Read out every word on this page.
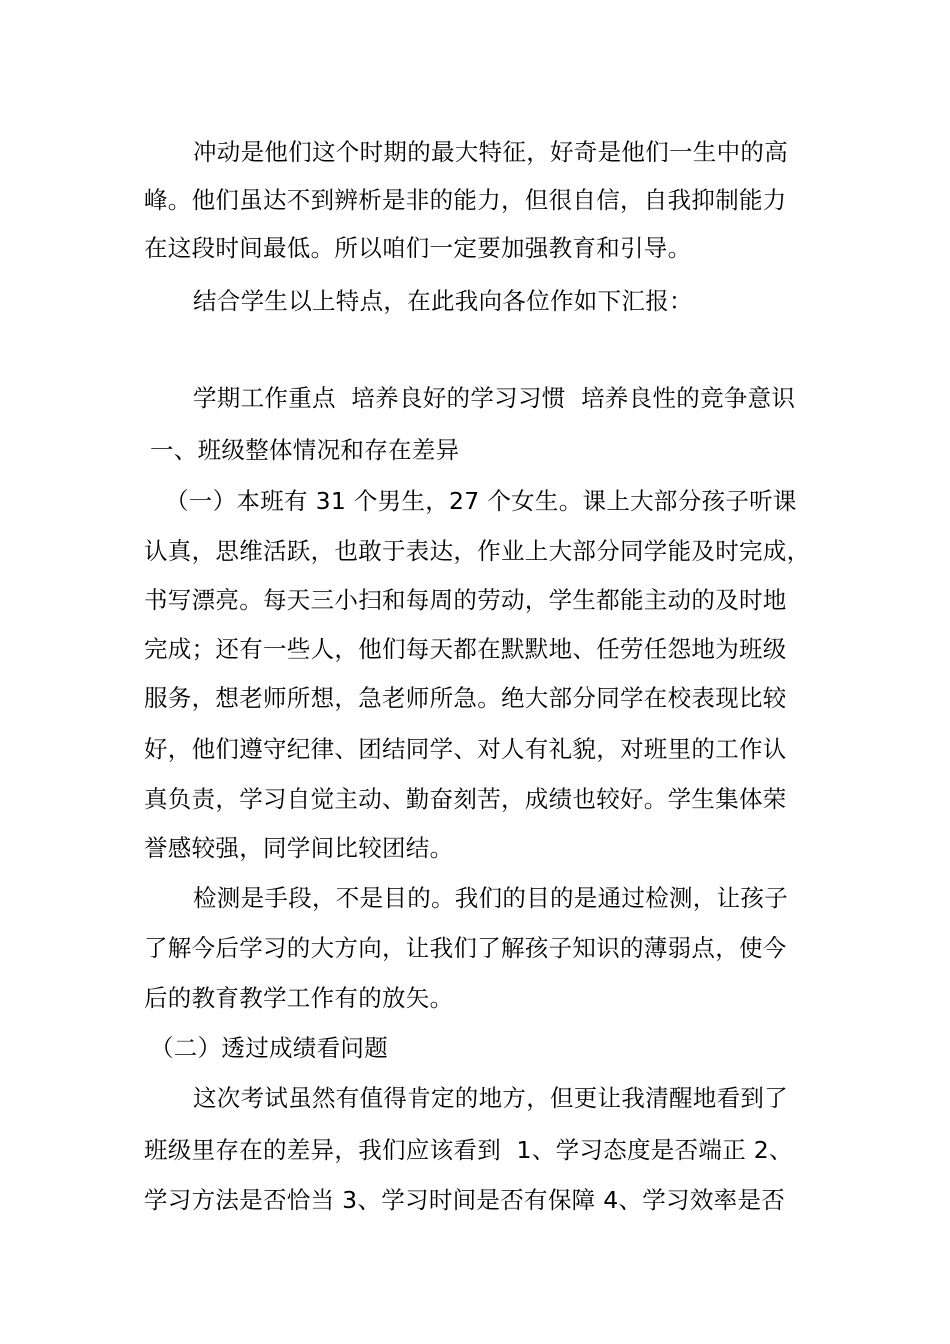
冲动是他们这个时期的最大特征，好奇是他们一生中的高
峰。他们虽达不到辨析是非的能力，但很自信，自我抑制能力
在这段时间最低。所以咱们一定要加强教育和引导。
结合学生以上特点，在此我向各位作如下汇报：
学期工作重点  培养良好的学习习惯  培养良性的竞争意识
一、班级整体情况和存在差异
（一）本班有 31 个男生，27 个女生。课上大部分孩子听课
认真，思维活跃，也敢于表达，作业上大部分同学能及时完成，
书写漂亮。每天三小扫和每周的劳动，学生都能主动的及时地
完成；还有一些人，他们每天都在默默地、任劳任怨地为班级
服务，想老师所想，急老师所急。绝大部分同学在校表现比较
好，他们遵守纪律、团结同学、对人有礼貌，对班里的工作认
真负责，学习自觉主动、勤奋刻苦，成绩也较好。学生集体荣
誉感较强，同学间比较团结。
检测是手段，不是目的。我们的目的是通过检测，让孩子
了解今后学习的大方向，让我们了解孩子知识的薄弱点，使今
后的教育教学工作有的放矢。
（二）透过成绩看问题
这次考试虽然有值得肯定的地方，但更让我清醒地看到了
班级里存在的差异，我们应该看到  1、学习态度是否端正 2、
学习方法是否恰当 3、学习时间是否有保障 4、学习效率是否
